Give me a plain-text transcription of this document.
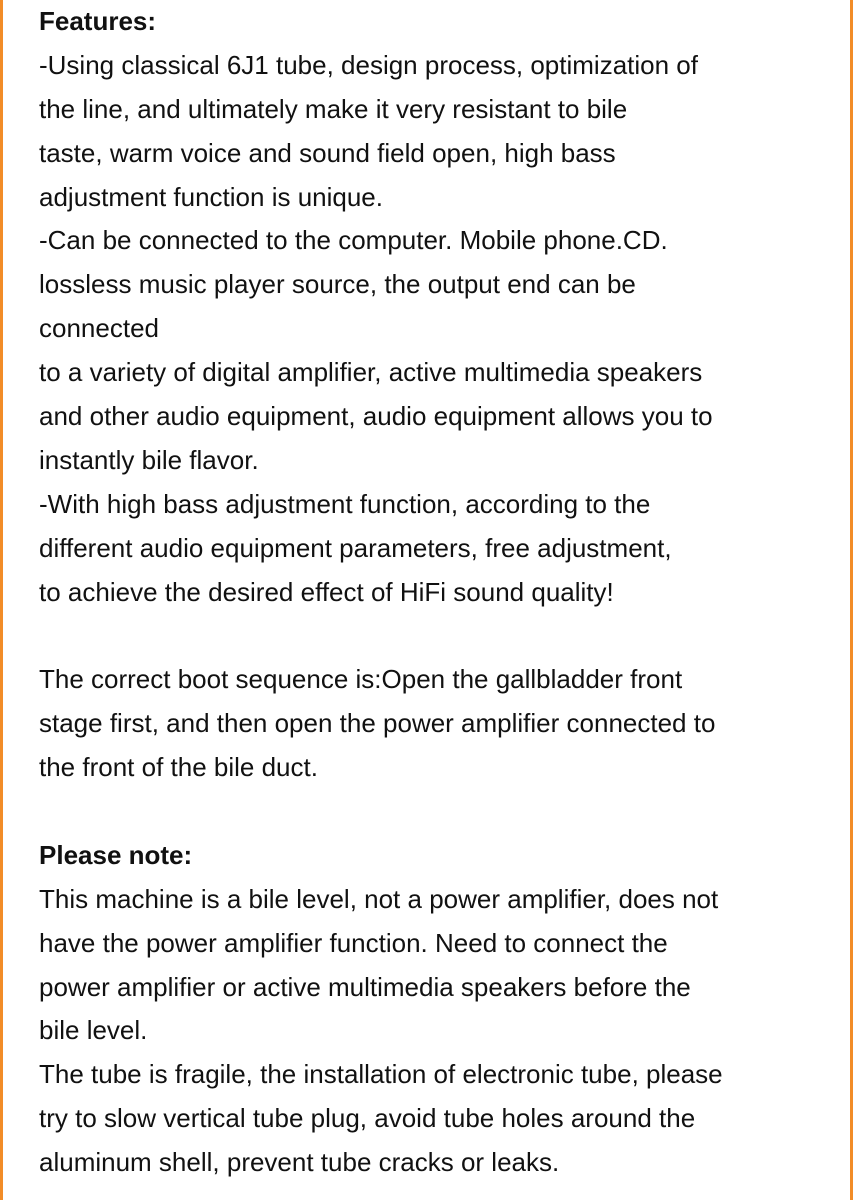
Features:
-Using classical 6J1 tube, design process, optimization of
the line, and ultimately make it very resistant to bile
taste, warm voice and sound field open, high bass
adjustment function is unique.
-Can be connected to the computer. Mobile phone.CD.
lossless music player source, the output end can be
connected
to a variety of digital amplifier, active multimedia speakers
and other audio equipment, audio equipment allows you to
instantly bile flavor.
-With high bass adjustment function, according to the
different audio equipment parameters, free adjustment,
to achieve the desired effect of HiFi sound quality!
The correct boot sequence is:Open the gallbladder front
stage first, and then open the power amplifier connected to
the front of the bile duct.
Please note:
This machine is a bile level, not a power amplifier, does not
have the power amplifier function. Need to connect the
power amplifier or active multimedia speakers before the
bile level.
The tube is fragile, the installation of electronic tube, please
try to slow vertical tube plug, avoid tube holes around the
aluminum shell, prevent tube cracks or leaks.
